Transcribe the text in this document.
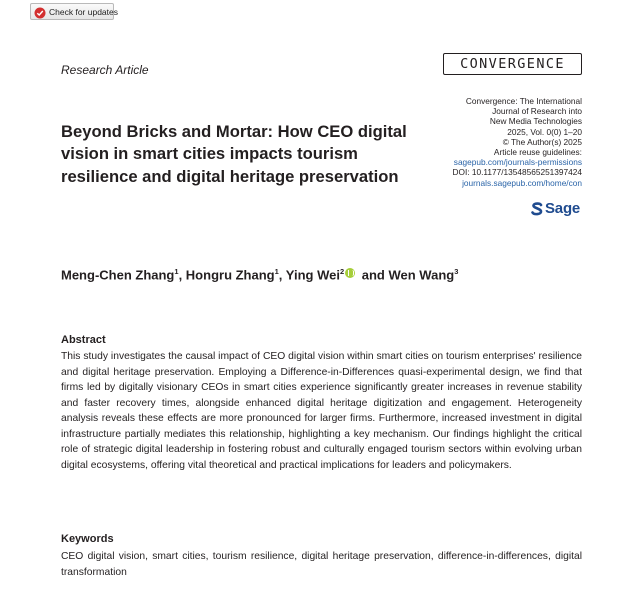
Check for updates
Research Article	CONVERGENCE
Convergence: The International
Journal of Research into
New Media Technologies
2025, Vol. 0(0) 1–20
© The Author(s) 2025
Article reuse guidelines:
sagepub.com/journals-permissions
DOI: 10.1177/13548565251397424
journals.sagepub.com/home/con
Sage
Beyond Bricks and Mortar: How CEO digital vision in smart cities impacts tourism resilience and digital heritage preservation
Meng-Chen Zhang$^1$, Hongru Zhang$^1$, Ying Wei$^2$ and Wen Wang$^3$
Abstract
This study investigates the causal impact of CEO digital vision within smart cities on tourism enterprises' resilience and digital heritage preservation. Employing a Difference-in-Differences quasi-experimental design, we find that firms led by digitally visionary CEOs in smart cities experience significantly greater increases in revenue stability and faster recovery times, alongside enhanced digital heritage digitization and engagement. Heterogeneity analysis reveals these effects are more pronounced for larger firms. Furthermore, increased investment in digital infrastructure partially mediates this relationship, highlighting a key mechanism. Our findings highlight the critical role of strategic digital leadership in fostering robust and culturally engaged tourism sectors within evolving urban digital ecosystems, offering vital theoretical and practical implications for leaders and policymakers.
Keywords
CEO digital vision, smart cities, tourism resilience, digital heritage preservation, difference-in-differences, digital transformation
